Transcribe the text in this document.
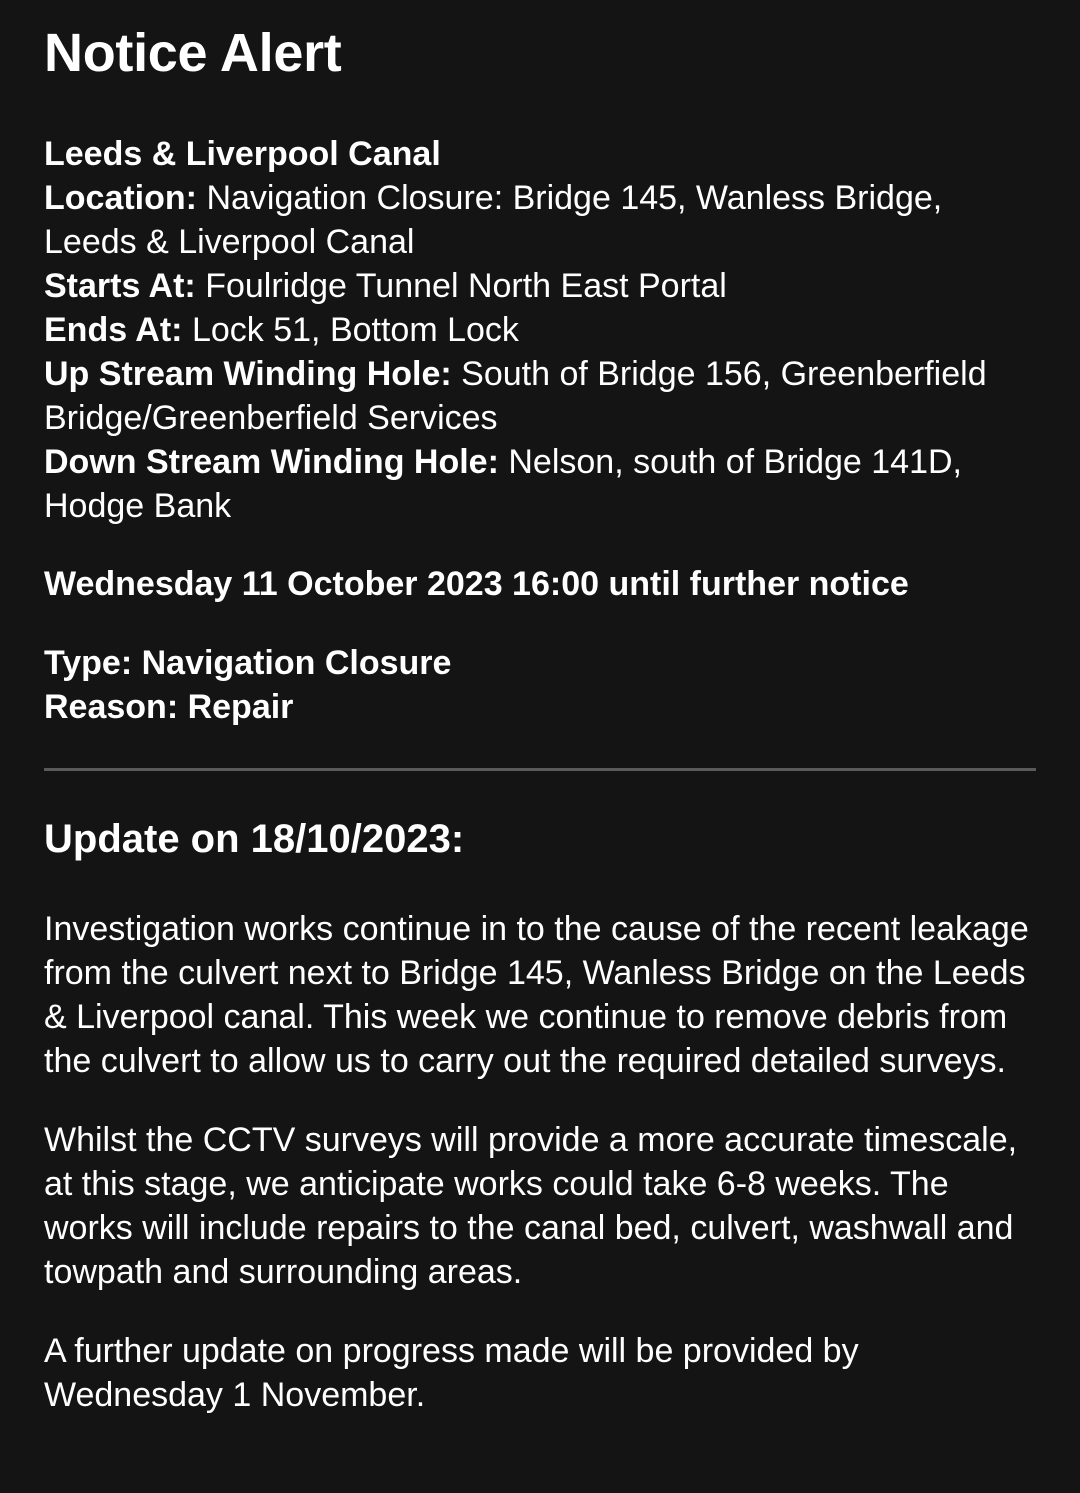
Notice Alert

Leeds & Liverpool Canal

Location: Navigation Closure: Bridge 145, Wanless Bridge, Leeds & Liverpool Canal

Starts At: Foulridge Tunnel North East Portal

Ends At: Lock 51, Bottom Lock

Up Stream Winding Hole: South of Bridge 156, Greenberfield Bridge/Greenberfield Services

Down Stream Winding Hole: Nelson, south of Bridge 141D, Hodge Bank

Wednesday 11 October 2023 16:00 until further notice
Type: Navigation Closure
Reason: Repair
Update on 18/10/2023:

Investigation works continue in to the cause of the recent leakage from the culvert next to Bridge 145, Wanless Bridge on the Leeds & Liverpool canal. This week we continue to remove debris from the culvert to allow us to carry out the required detailed surveys.

Whilst the CCTV surveys will provide a more accurate timescale, at this stage, we anticipate works could take 6-8 weeks. The works will include repairs to the canal bed, culvert, washwall and towpath and surrounding areas.

A further update on progress made will be provided by Wednesday 1 November.
